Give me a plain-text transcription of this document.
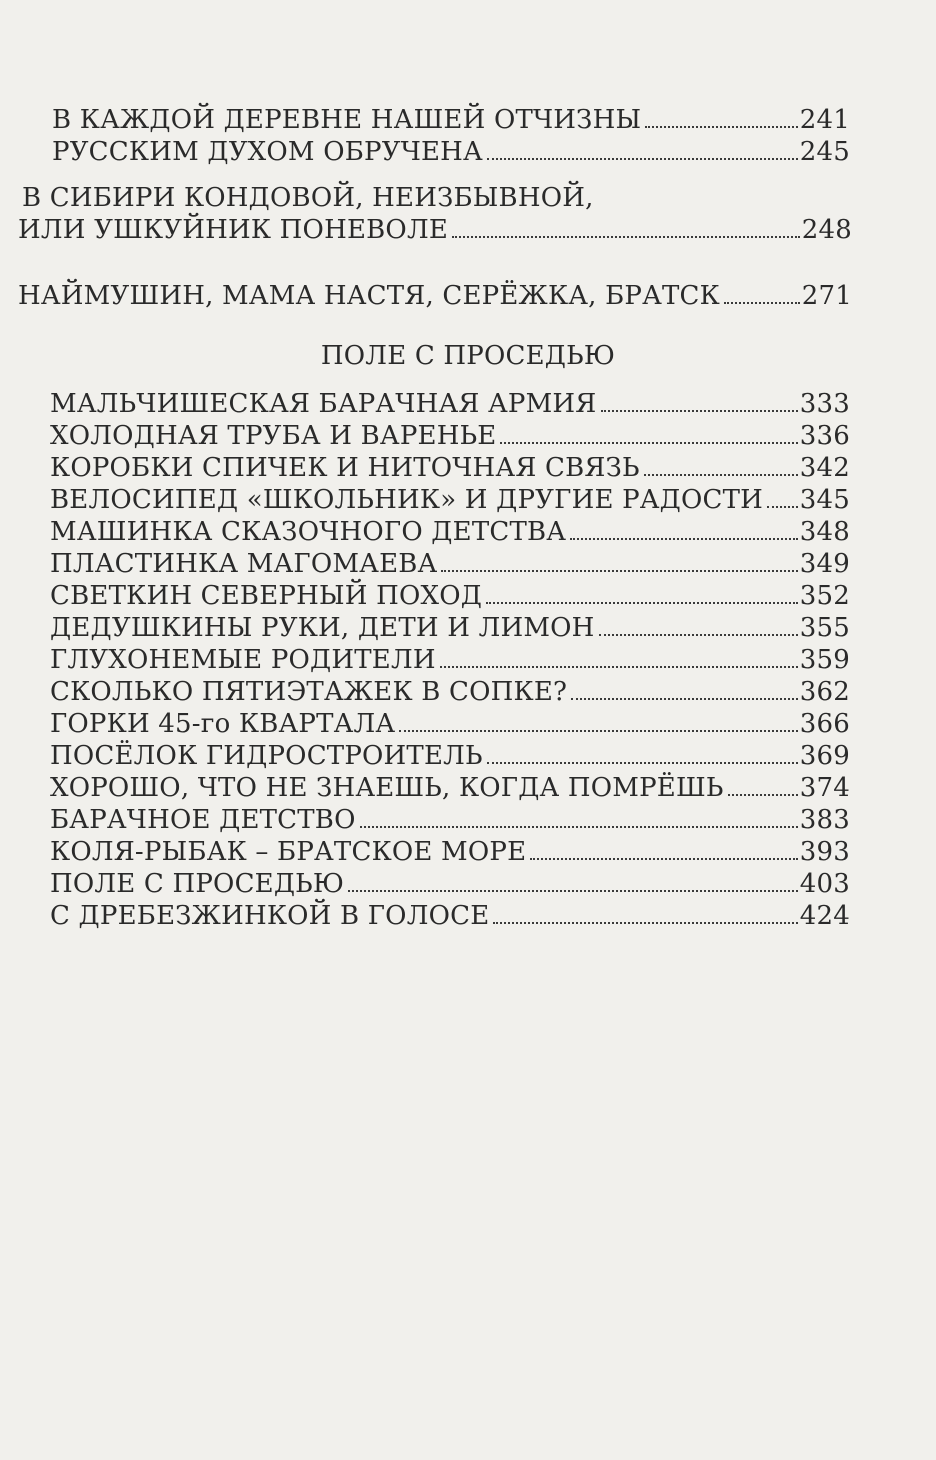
В КАЖДОЙ ДЕРЕВНЕ НАШЕЙ ОТЧИЗНЫ	241
РУССКИМ ДУХОМ ОБРУЧЕНА	245
В СИБИРИ КОНДОВОЙ, НЕИЗБЫВНОЙ,
ИЛИ УШКУЙНИК ПОНЕВОЛЕ	248
НАЙМУШИН, МАМА НАСТЯ, СЕРЁЖКА, БРАТСК	271
ПОЛЕ С ПРОСЕДЬЮ
МАЛЬЧИШЕСКАЯ БАРАЧНАЯ АРМИЯ	333
ХОЛОДНАЯ ТРУБА И ВАРЕНЬЕ	336
КОРОБКИ СПИЧЕК И НИТОЧНАЯ СВЯЗЬ	342
ВЕЛОСИПЕД «ШКОЛЬНИК» И ДРУГИЕ РАДОСТИ 345
МАШИНКА СКАЗОЧНОГО ДЕТСТВА	348
ПЛАСТИНКА МАГОМАЕВА	349
СВЕТКИН СЕВЕРНЫЙ ПОХОД	352
ДЕДУШКИНЫ РУКИ, ДЕТИ И ЛИМОН	355
ГЛУХОНЕМЫЕ РОДИТЕЛИ	359
СКОЛЬКО ПЯТИЭТАЖЕК В СОПКЕ?	362
ГОРКИ 45-го КВАРТАЛА	366
ПОСЁЛОК ГИДРОСТРОИТЕЛЬ	369
ХОРОШО, ЧТО НЕ ЗНАЕШЬ, КОГДА ПОМРЁШЬ	374
БАРАЧНОЕ ДЕТСТВО	383
КОЛЯ-РЫБАК – БРАТСКОЕ МОРЕ	393
ПОЛЕ С ПРОСЕДЬЮ	403
С ДРЕБЕЗЖИНКОЙ В ГОЛОСЕ	424
